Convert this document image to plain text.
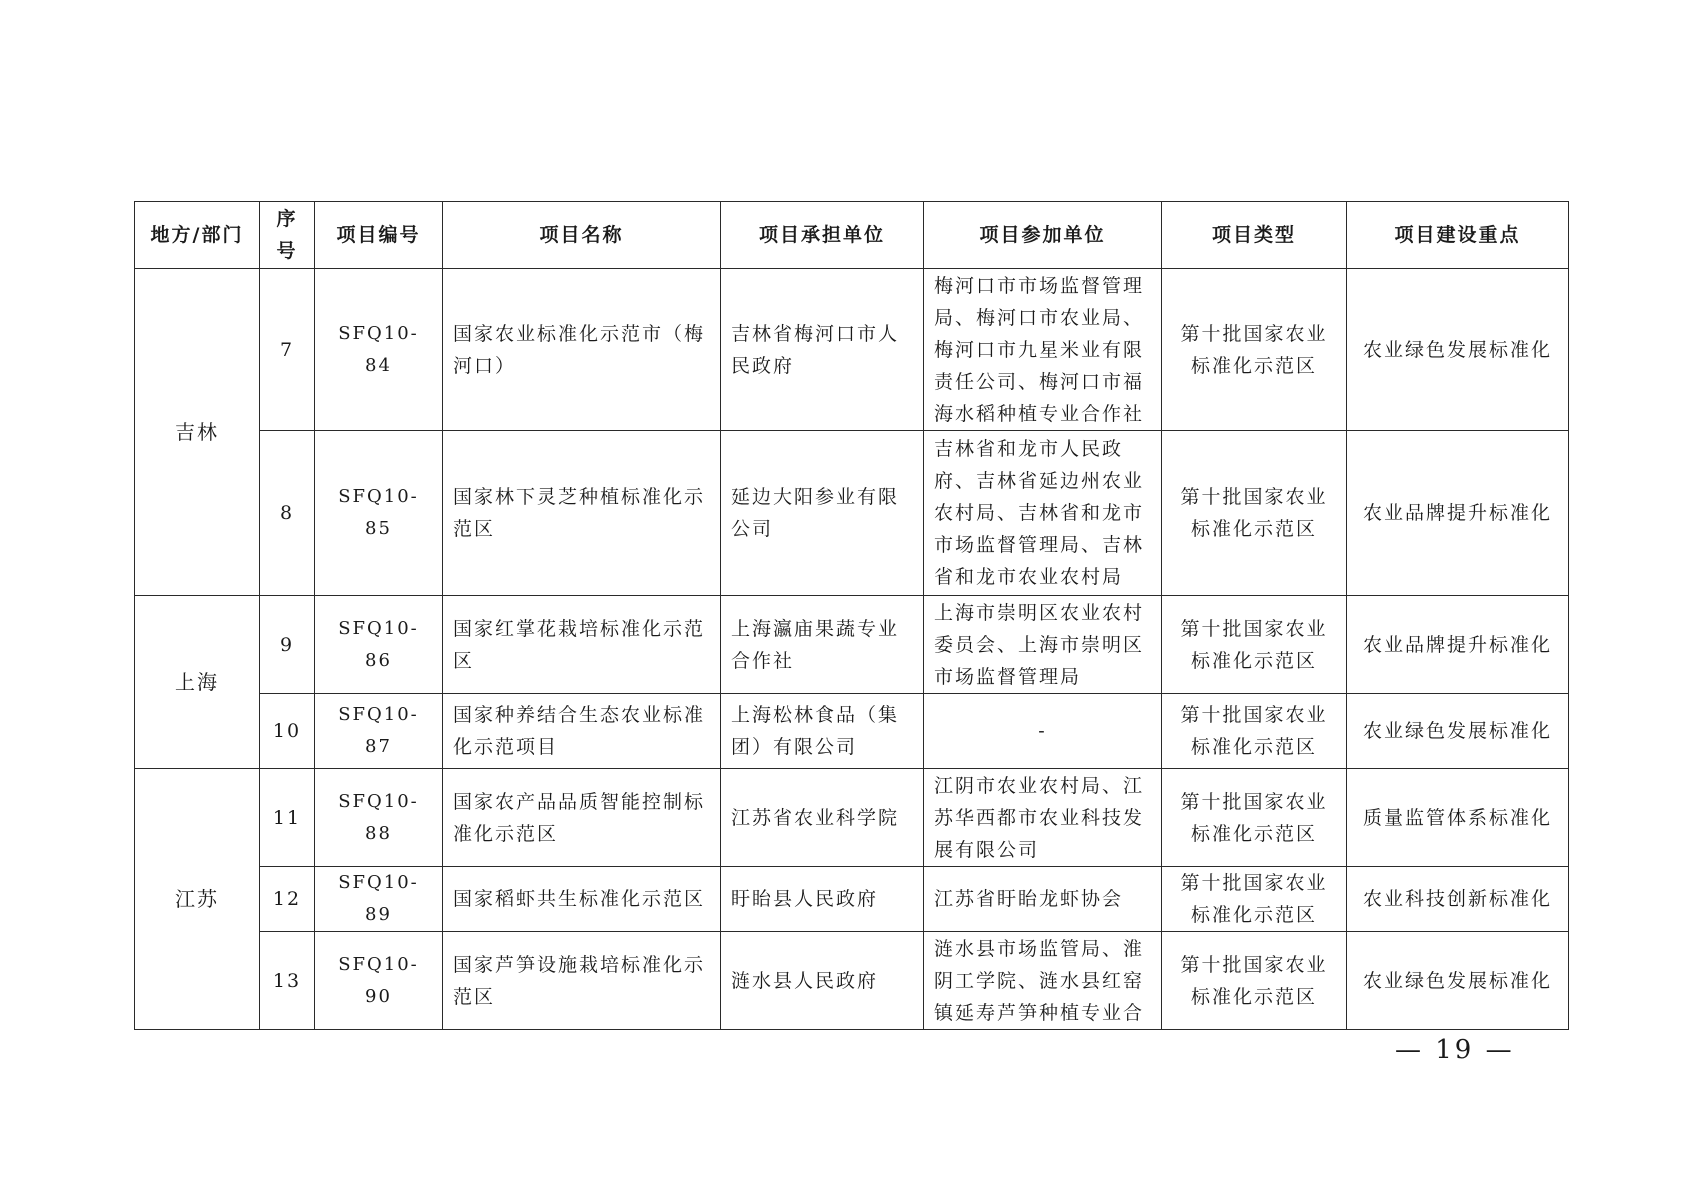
地方/部门	序号	项目编号	项目名称	项目承担单位	项目参加单位	项目类型	项目建设重点
吉林	7	SFQ10-84	国家农业标准化示范市（梅河口）	吉林省梅河口市人民政府	梅河口市市场监督管理局、梅河口市农业局、梅河口市九星米业有限责任公司、梅河口市福海水稻种植专业合作社	第十批国家农业标准化示范区	农业绿色发展标准化
	8	SFQ10-85	国家林下灵芝种植标准化示范区	延边大阳参业有限公司	吉林省和龙市人民政府、吉林省延边州农业农村局、吉林省和龙市市场监督管理局、吉林省和龙市农业农村局	第十批国家农业标准化示范区	农业品牌提升标准化
上海	9	SFQ10-86	国家红掌花栽培标准化示范区	上海瀛庙果蔬专业合作社	上海市崇明区农业农村委员会、上海市崇明区市场监督管理局	第十批国家农业标准化示范区	农业品牌提升标准化
	10	SFQ10-87	国家种养结合生态农业标准化示范项目	上海松林食品（集团）有限公司	-	第十批国家农业标准化示范区	农业绿色发展标准化
江苏	11	SFQ10-88	国家农产品品质智能控制标准化示范区	江苏省农业科学院	江阴市农业农村局、江苏华西都市农业科技发展有限公司	第十批国家农业标准化示范区	质量监管体系标准化
	12	SFQ10-89	国家稻虾共生标准化示范区	盱眙县人民政府	江苏省盱眙龙虾协会	第十批国家农业标准化示范区	农业科技创新标准化
	13	SFQ10-90	国家芦笋设施栽培标准化示范区	涟水县人民政府	涟水县市场监管局、淮阴工学院、涟水县红窑镇延寿芦笋种植专业合	第十批国家农业标准化示范区	农业绿色发展标准化
— 19 —
